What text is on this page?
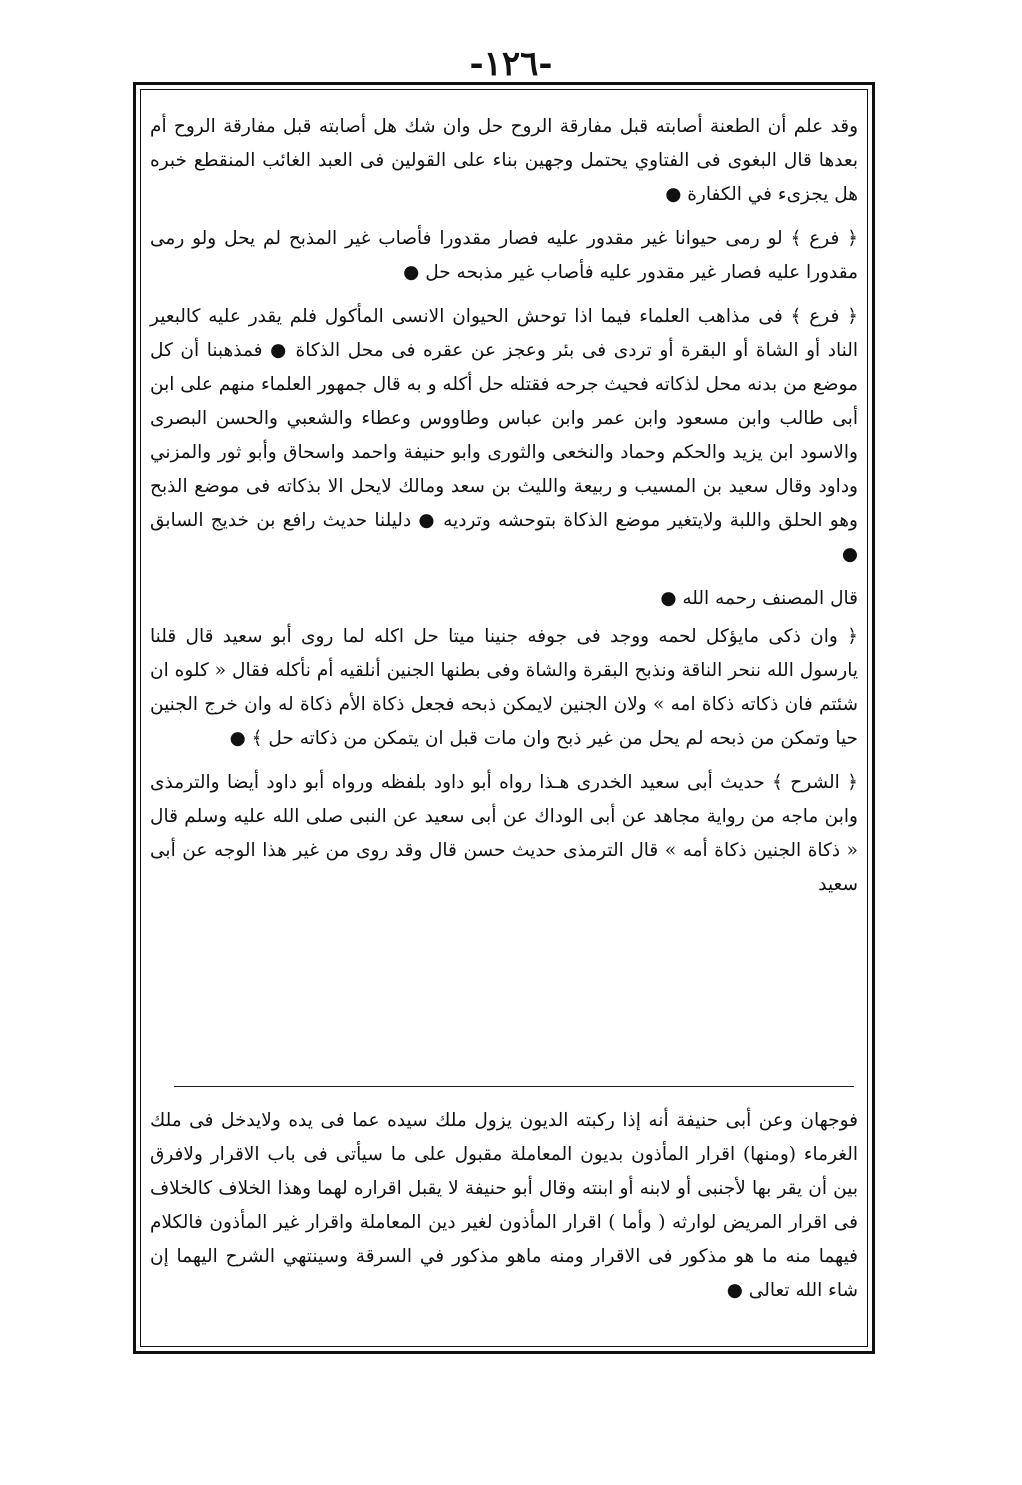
-١٢٦-

وقد علم أن الطعنة أصابته قبل مفارقة الروح حل وان شك هل أصابته قبل مفارقة الروح أم بعدها قال البغوى فى الفتاوي يحتمل وجهين بناء على القولين فى العبد الغائب المنقطع خبره هل يجزىء في الكفارة ●

﴿ فرع ﴾ لو رمى حيوانا غير مقدور عليه فصار مقدورا فأصاب غير المذبح لم يحل ولو رمى مقدورا عليه فصار غير مقدور عليه فأصاب غير مذبحه حل ●

﴿ فرع ﴾ فى مذاهب العلماء فيما اذا توحش الحيوان الانسى المأكول فلم يقدر عليه كالبعير الناد أو الشاة أو البقرة أو تردى فى بئر وعجز عن عقره فى محل الذكاة ● فمذهبنا أن كل موضع من بدنه محل لذكاته فحيث جرحه فقتله حل أكله و به قال جمهور العلماء منهم على ابن أبى طالب وابن مسعود وابن عمر وابن عباس وطاووس وعطاء والشعبي والحسن البصرى والاسود ابن يزيد والحكم وحماد والنخعى والثورى وابو حنيفة واحمد واسحاق وأبو ثور والمزني وداود وقال سعيد بن المسيب و ربيعة والليث بن سعد ومالك لايحل الا بذكاته فى موضع الذبح وهو الحلق واللبة ولايتغير موضع الذكاة بتوحشه وترديه ● دليلنا حديث رافع بن خديج السابق ●

قال المصنف رحمه الله ●

﴿ وان ذكى مايؤكل لحمه ووجد فى جوفه جنينا ميتا حل اكله لما روى أبو سعيد قال قلنا يارسول الله ننحر الناقة ونذبح البقرة والشاة وفى بطنها الجنين أنلقيه أم نأكله فقال « كلوه ان شئتم فان ذكاته ذكاة امه » ولان الجنين لايمكن ذبحه فجعل ذكاة الأم ذكاة له وان خرج الجنين حيا وتمكن من ذبحه لم يحل من غير ذبح وان مات قبل ان يتمكن من ذكاته حل ﴾ ●

﴿ الشرح ﴾ حديث أبى سعيد الخدرى هـذا رواه أبو داود بلفظه ورواه أبو داود أيضا والترمذى وابن ماجه من رواية مجاهد عن أبى الوداك عن أبى سعيد عن النبى صلى الله عليه وسلم قال « ذكاة الجنين ذكاة أمه » قال الترمذى حديث حسن قال وقد روى من غير هذا الوجه عن أبى سعيد

فوجهان وعن أبى حنيفة أنه إذا ركبته الديون يزول ملك سيده عما فى يده ولايدخل فى ملك الغرماء (ومنها) اقرار المأذون بديون المعاملة مقبول على ما سيأتى فى باب الاقرار ولافرق بين أن يقر بها لأجنبى أو لابنه أو ابنته وقال أبو حنيفة لا يقبل اقراره لهما وهذا الخلاف كالخلاف فى اقرار المريض لوارثه ( وأما ) اقرار المأذون لغير دين المعاملة واقرار غير المأذون فالكلام فيهما منه ما هو مذكور فى الاقرار ومنه ماهو مذكور في السرقة وسينتهي الشرح اليهما إن شاء الله تعالى ●
